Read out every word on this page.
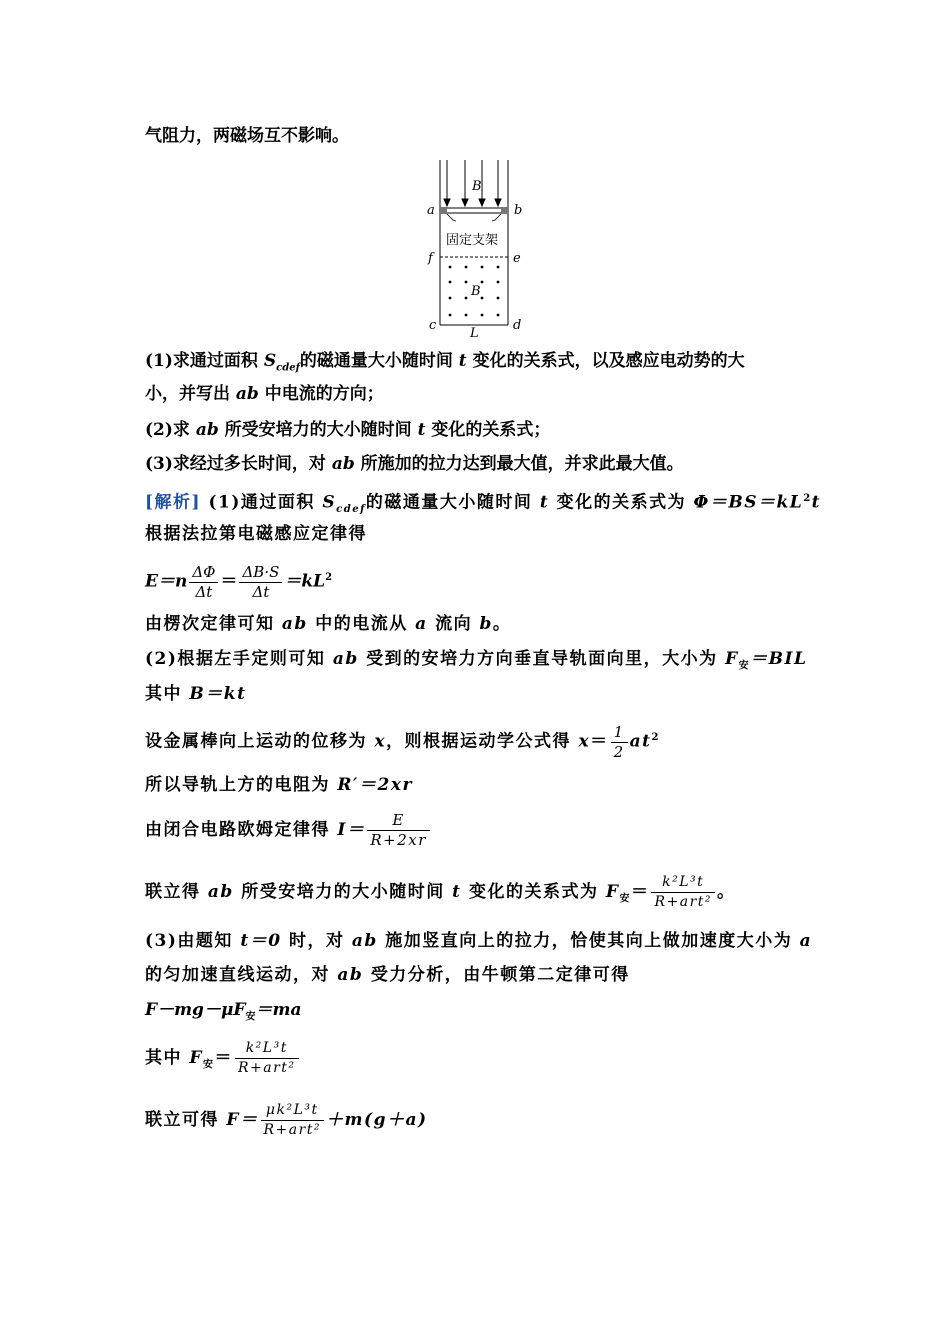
气阻力，两磁场互不影响。
B
a	b
固定支架
f	e
B
c
L
d
(1)求通过面积 $S_{cdef}$的磁通量大小随时间 t 变化的关系式，以及感应电动势的大
小，并写出 ab 中电流的方向；
(2)求 ab 所受安培力的大小随时间 t 变化的关系式；
(3)求经过多长时间，对 ab 所施加的拉力达到最大值，并求此最大值。
[解析] (1)通过面积 $S_{cdef}$的磁通量大小随时间 t 变化的关系式为 $\Phi=BS=kL^2t$
根据法拉第电磁感应定律得
$E=n \frac{\Delta\Phi}{\Delta t} = \frac{\Delta B\cdot S}{\Delta t} =kL^2$
由楞次定律可知 ab 中的电流从 a 流向 b。
(2)根据左手定则可知 ab 受到的安培力方向垂直导轨面向里，大小为 $F_安=BIL$
其中 B＝kt
设金属棒向上运动的位移为 x，则根据运动学公式得 $x= \frac{1}{2} at^2$
所以导轨上方的电阻为 R′＝2xr
由闭合电路欧姆定律得 $I= \frac{E}{R+2xr}$
联立得 ab 所受安培力的大小随时间 t 变化的关系式为 $F_安= \frac{\text{k²L³t}}{\text{R+art²}}$ 。
(3)由题知 t＝0 时，对 ab 施加竖直向上的拉力，恰使其向上做加速度大小为 a
的匀加速直线运动，对 ab 受力分析，由牛顿第二定律可得
$F-mg-\mu F_安=ma$
其中 $F_安= \frac{\text{k²L³t}}{\text{R+art²}}$
联立可得 $F= \frac{\text{μk²L³t}}{\text{R+art²}} +m(g+a)$
